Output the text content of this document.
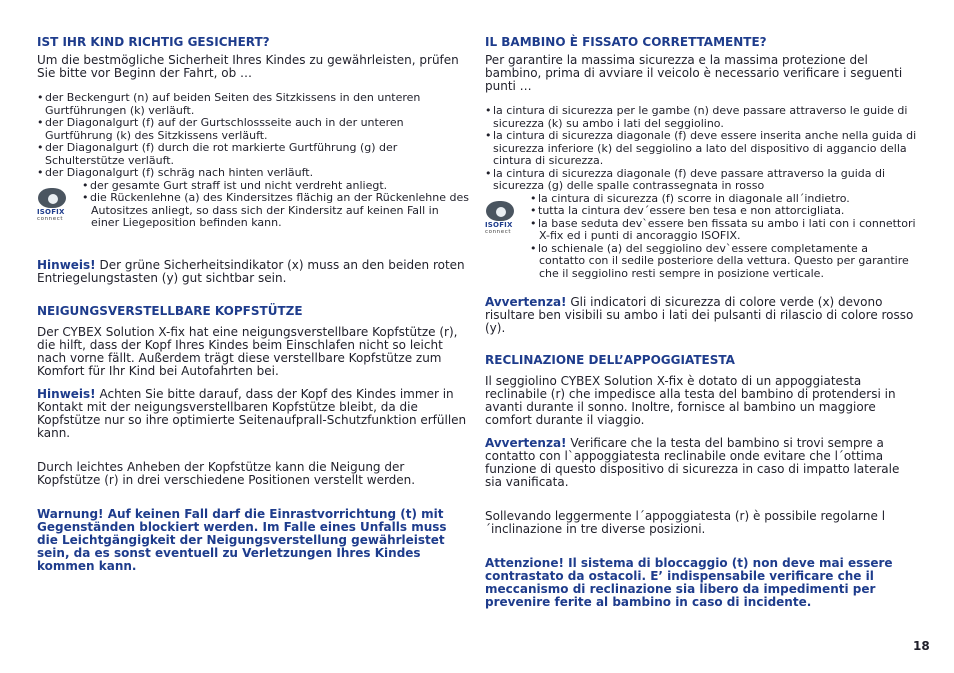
IST IHR KIND RICHTIG GESICHERT?

Um die bestmögliche Sicherheit Ihres Kindes zu gewährleisten, prüfen Sie bitte vor Beginn der Fahrt, ob …

• der Beckengurt (n) auf beiden Seiten des Sitzkissens in den unteren Gurtführungen (k) verläuft.
• der Diagonalgurt (f) auf der Gurtschlossseite auch in der unteren Gurtführung (k) des Sitzkissens verläuft.
• der Diagonalgurt (f) durch die rot markierte Gurtführung (g) der Schulterstütze verläuft.
• der Diagonalgurt (f) schräg nach hinten verläuft.
ISOFIX
connect
• der gesamte Gurt straff ist und nicht verdreht anliegt.
• die Rückenlehne (a) des Kindersitzes flächig an der Rückenlehne des Autositzes anliegt, so dass sich der Kindersitz auf keinen Fall in einer Liegeposition befinden kann.

Hinweis! Der grüne Sicherheitsindikator (x) muss an den beiden roten Entriegelungstasten (y) gut sichtbar sein.

NEIGUNGSVERSTELLBARE KOPFSTÜTZE

Der CYBEX Solution X-fix hat eine neigungsverstellbare Kopfstütze (r), die hilft, dass der Kopf Ihres Kindes beim Einschlafen nicht so leicht nach vorne fällt. Außerdem trägt diese verstellbare Kopfstütze zum Komfort für Ihr Kind bei Autofahrten bei.

Hinweis! Achten Sie bitte darauf, dass der Kopf des Kindes immer in Kontakt mit der neigungsverstellbaren Kopfstütze bleibt, da die Kopfstütze nur so ihre optimierte Seitenaufprall-Schutzfunktion erfüllen kann.

Durch leichtes Anheben der Kopfstütze kann die Neigung der Kopfstütze (r) in drei verschiedene Positionen verstellt werden.

Warnung! Auf keinen Fall darf die Einrastvorrichtung (t) mit Gegenständen blockiert werden. Im Falle eines Unfalls muss die Leichtgängigkeit der Neigungsverstellung gewährleistet sein, da es sonst eventuell zu Verletzungen Ihres Kindes kommen kann.

IL BAMBINO È FISSATO CORRETTAMENTE?

Per garantire la massima sicurezza e la massima protezione del bambino, prima di avviare il veicolo è necessario verificare i seguenti punti …

• la cintura di sicurezza per le gambe (n) deve passare attraverso le guide di sicurezza (k) su ambo i lati del seggiolino.
• la cintura di sicurezza diagonale (f) deve essere inserita anche nella guida di sicurezza inferiore (k) del seggiolino a lato del dispositivo di aggancio della cintura di sicurezza.
• la cintura di sicurezza diagonale (f) deve passare attraverso la guida di sicurezza (g) delle spalle contrassegnata in rosso
ISOFIX
connect
• la cintura di sicurezza (f) scorre in diagonale all´indietro.
• tutta la cintura dev´essere ben tesa e non attorcigliata.
• la base seduta dev`essere ben fissata su ambo i lati con i connettori X-fix ed i punti di ancoraggio ISOFIX.
• lo schienale (a) del seggiolino dev`essere completamente a contatto con il sedile posteriore della vettura. Questo per garantire che il seggiolino resti sempre in posizione verticale.

Avvertenza! Gli indicatori di sicurezza di colore verde (x) devono risultare ben visibili su ambo i lati dei pulsanti di rilascio di colore rosso (y).

RECLINAZIONE DELL’APPOGGIATESTA

Il seggiolino CYBEX Solution X-fix è dotato di un appoggiatesta reclinabile (r) che impedisce alla testa del bambino di protendersi in avanti durante il sonno. Inoltre, fornisce al bambino un maggiore comfort durante il viaggio.

Avvertenza! Verificare che la testa del bambino si trovi sempre a contatto con l`appoggiatesta reclinabile onde evitare che l´ottima funzione di questo dispositivo di sicurezza in caso di impatto laterale sia vanificata.

Sollevando leggermente l´appoggiatesta (r) è possibile regolarne l´inclinazione in tre diverse posizioni.

Attenzione! Il sistema di bloccaggio (t) non deve mai essere contrastato da ostacoli. E’ indispensabile verificare che il meccanismo di reclinazione sia libero da impedimenti per prevenire ferite al bambino in caso di incidente.

18
